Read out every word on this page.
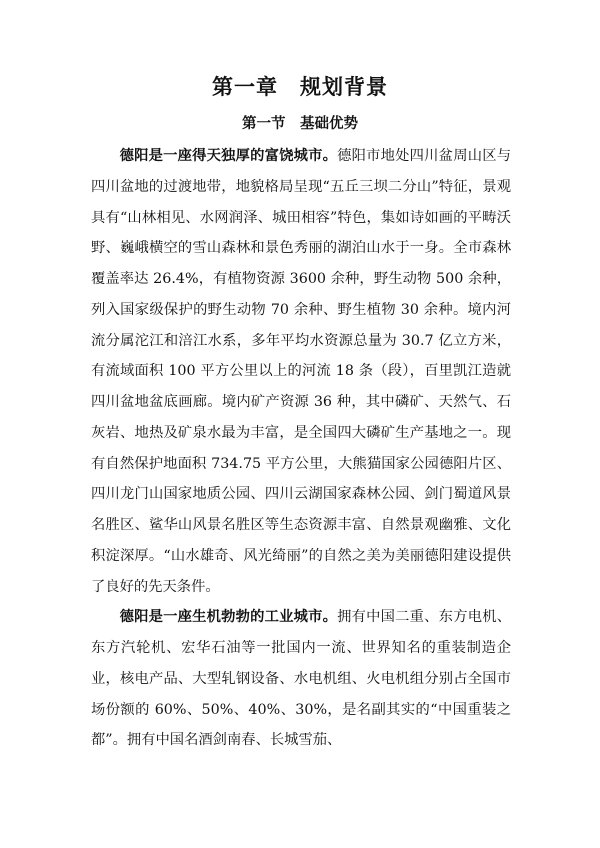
第一章　规划背景
第一节　基础优势

德阳是一座得天独厚的富饶城市。德阳市地处四川盆周山区与四川盆地的过渡地带，地貌格局呈现“五丘三坝二分山”特征，景观具有“山林相见、水网润泽、城田相容”特色，集如诗如画的平畴沃野、巍峨横空的雪山森林和景色秀丽的湖泊山水于一身。全市森林覆盖率达 26.4%，有植物资源 3600 余种，野生动物 500 余种，列入国家级保护的野生动物 70 余种、野生植物 30 余种。境内河流分属沱江和涪江水系，多年平均水资源总量为 30.7 亿立方米，有流域面积 100 平方公里以上的河流 18 条（段），百里凯江造就四川盆地盆底画廊。境内矿产资源 36 种，其中磷矿、天然气、石灰岩、地热及矿泉水最为丰富，是全国四大磷矿生产基地之一。现有自然保护地面积 734.75 平方公里，大熊猫国家公园德阳片区、四川龙门山国家地质公园、四川云湖国家森林公园、剑门蜀道风景名胜区、鲨华山风景名胜区等生态资源丰富、自然景观幽雅、文化积淀深厚。“山水雄奇、风光绮丽”的自然之美为美丽德阳建设提供了良好的先天条件。

德阳是一座生机勃勃的工业城市。拥有中国二重、东方电机、东方汽轮机、宏华石油等一批国内一流、世界知名的重装制造企业，核电产品、大型轧钢设备、水电机组、火电机组分别占全国市场份额的 60%、50%、40%、30%，是名副其实的“中国重装之都”。拥有中国名酒剑南春、长城雪茄、
